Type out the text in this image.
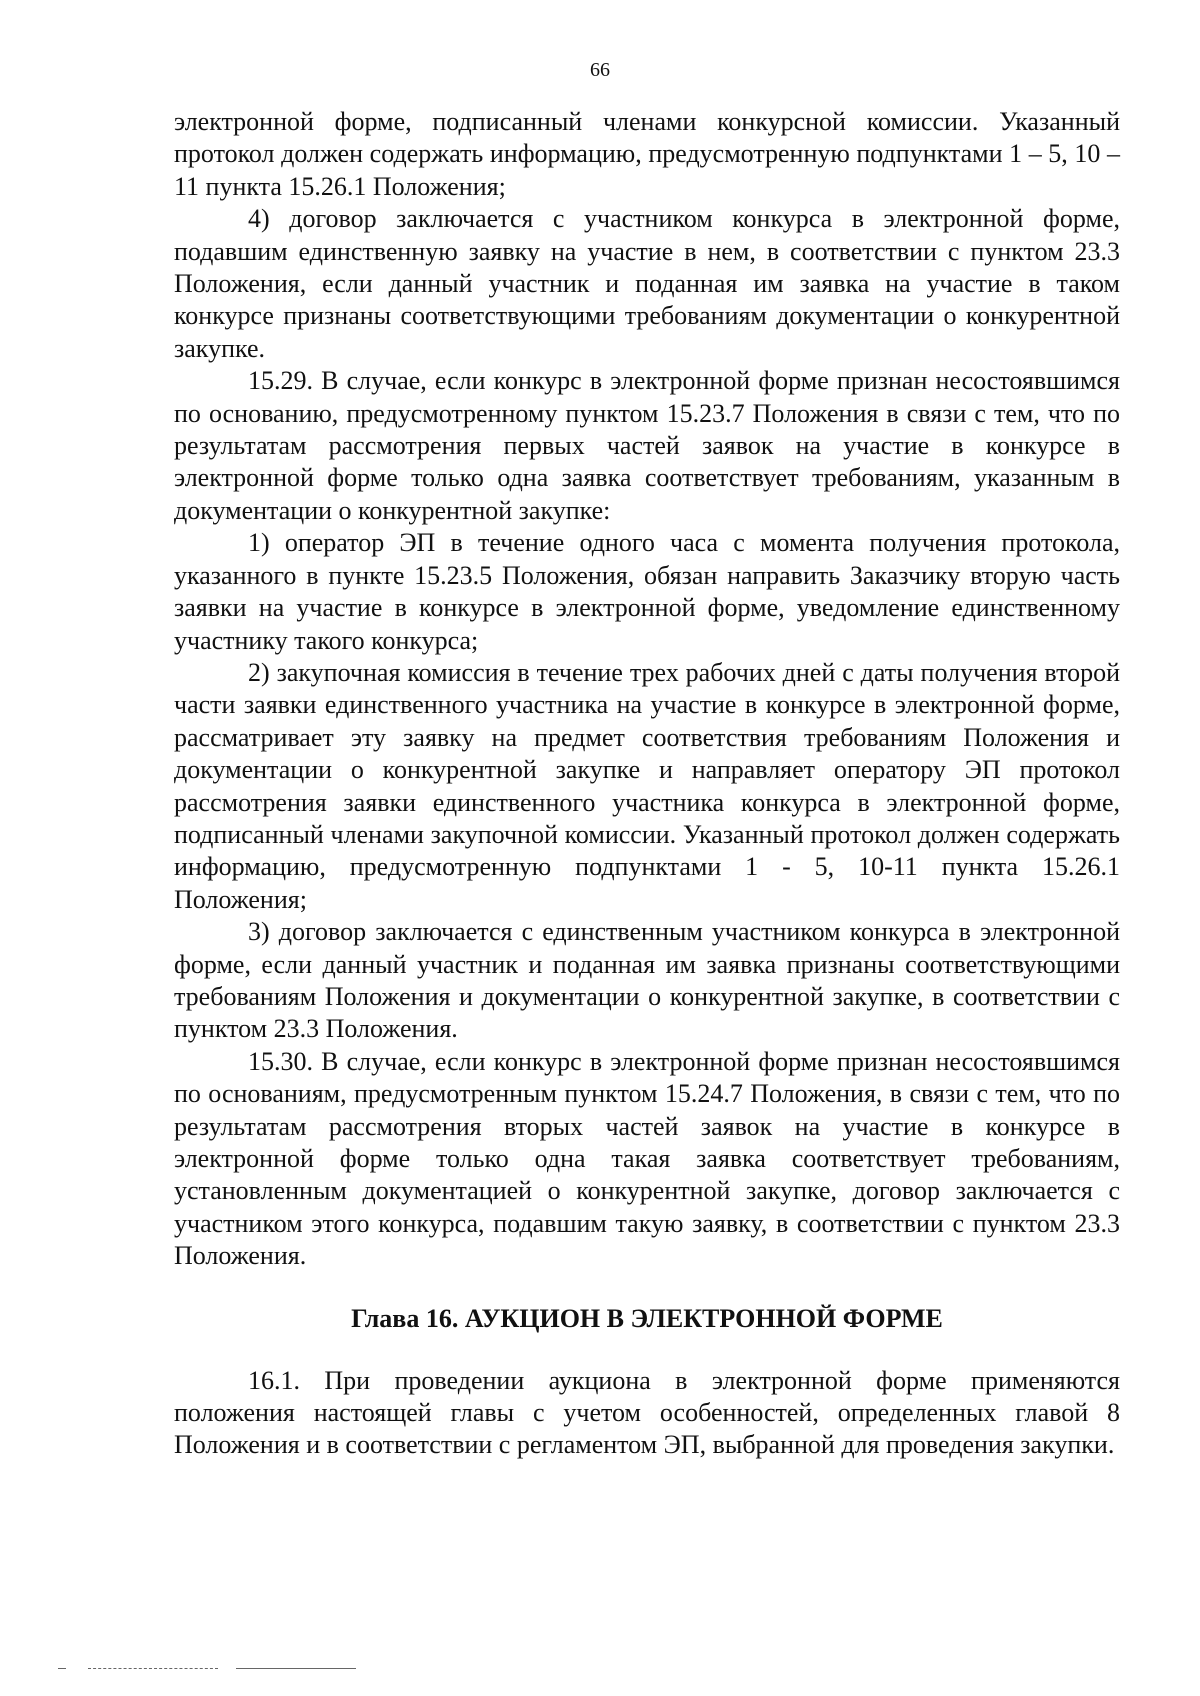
66

электронной форме, подписанный членами конкурсной комиссии. Указанный протокол должен содержать информацию, предусмотренную подпунктами 1 – 5, 10 – 11 пункта 15.26.1 Положения;

4) договор заключается с участником конкурса в электронной форме, подавшим единственную заявку на участие в нем, в соответствии с пунктом 23.3 Положения, если данный участник и поданная им заявка на участие в таком конкурсе признаны соответствующими требованиям документации о конкурентной закупке.

15.29. В случае, если конкурс в электронной форме признан несостоявшимся по основанию, предусмотренному пунктом 15.23.7 Положения в связи с тем, что по результатам рассмотрения первых частей заявок на участие в конкурсе в электронной форме только одна заявка соответствует требованиям, указанным в документации о конкурентной закупке:

1) оператор ЭП в течение одного часа с момента получения протокола, указанного в пункте 15.23.5 Положения, обязан направить Заказчику вторую часть заявки на участие в конкурсе в электронной форме, уведомление единственному участнику такого конкурса;

2) закупочная комиссия в течение трех рабочих дней с даты получения второй части заявки единственного участника на участие в конкурсе в электронной форме, рассматривает эту заявку на предмет соответствия требованиям Положения и документации о конкурентной закупке и направляет оператору ЭП протокол рассмотрения заявки единственного участника конкурса в электронной форме, подписанный членами закупочной комиссии. Указанный протокол должен содержать информацию, предусмотренную подпунктами 1 - 5, 10-11 пункта 15.26.1 Положения;

3) договор заключается с единственным участником конкурса в электронной форме, если данный участник и поданная им заявка признаны соответствующими требованиям Положения и документации о конкурентной закупке, в соответствии с пунктом 23.3 Положения.

15.30. В случае, если конкурс в электронной форме признан несостоявшимся по основаниям, предусмотренным пунктом 15.24.7 Положения, в связи с тем, что по результатам рассмотрения вторых частей заявок на участие в конкурсе в электронной форме только одна такая заявка соответствует требованиям, установленным документацией о конкурентной закупке, договор заключается с участником этого конкурса, подавшим такую заявку, в соответствии с пунктом 23.3 Положения.

Глава 16. АУКЦИОН В ЭЛЕКТРОННОЙ ФОРМЕ

16.1. При проведении аукциона в электронной форме применяются положения настоящей главы с учетом особенностей, определенных главой 8 Положения и в соответствии с регламентом ЭП, выбранной для проведения закупки.
